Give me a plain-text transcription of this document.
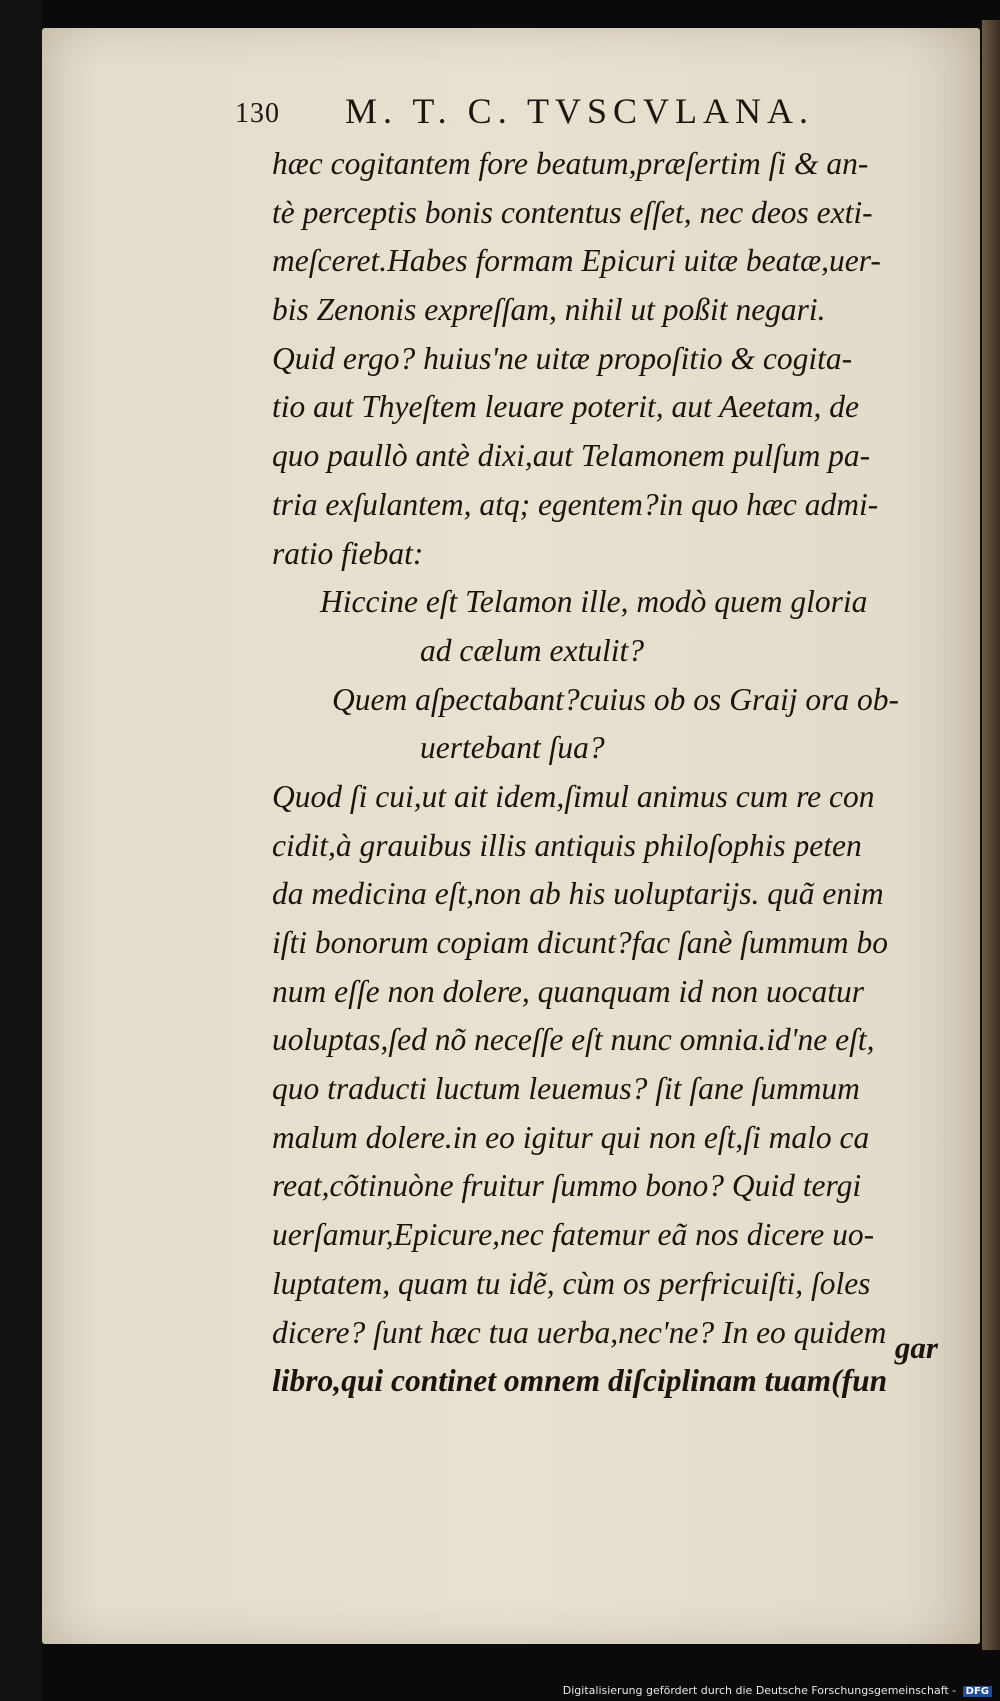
130 M. T. C. TVSCVLANA.
hæc cogitantem fore beatum,præſertim ſi & an-
tè perceptis bonis contentus eſſet, nec deos exti-
meſceret.Habes formam Epicuri uitæ beatæ,uer-
bis Zenonis expreſſam, nihil ut poßit negari.
Quid ergo? huius'ne uitæ propoſitio & cogita-
tio aut Thyeſtem leuare poterit, aut Aeetam, de
quo paullò antè dixi,aut Telamonem pulſum pa-
tria exſulantem, atq; egentem?in quo hæc admi-
ratio fiebat:
Hiccine eſt Telamon ille, modò quem gloria
ad cælum extulit?
Quem aſpectabant?cuius ob os Graij ora ob-
uertebant ſua?
Quod ſi cui,ut ait idem,ſimul animus cum re con
cidit,à grauibus illis antiquis philoſophis peten
da medicina eſt,non ab his uoluptarijs. quã enim
iſti bonorum copiam dicunt?fac ſanè ſummum bo
num eſſe non dolere, quanquam id non uocatur
uoluptas,ſed nõ neceſſe eſt nunc omnia.id'ne eſt,
quo traducti luctum leuemus? ſit ſane ſummum
malum dolere.in eo igitur qui non eſt,ſi malo ca
reat,cõtinuòne fruitur ſummo bono? Quid tergi
uerſamur,Epicure,nec fatemur eã nos dicere uo-
luptatem, quam tu idẽ, cùm os perfricuiſti, ſoles
dicere? ſunt hæc tua uerba,nec'ne? In eo quidem
libro,qui continet omnem diſciplinam tuam(fun
gar
Digitalisierung gefördert durch die Deutsche Forschungsgemeinschaft - DFG
